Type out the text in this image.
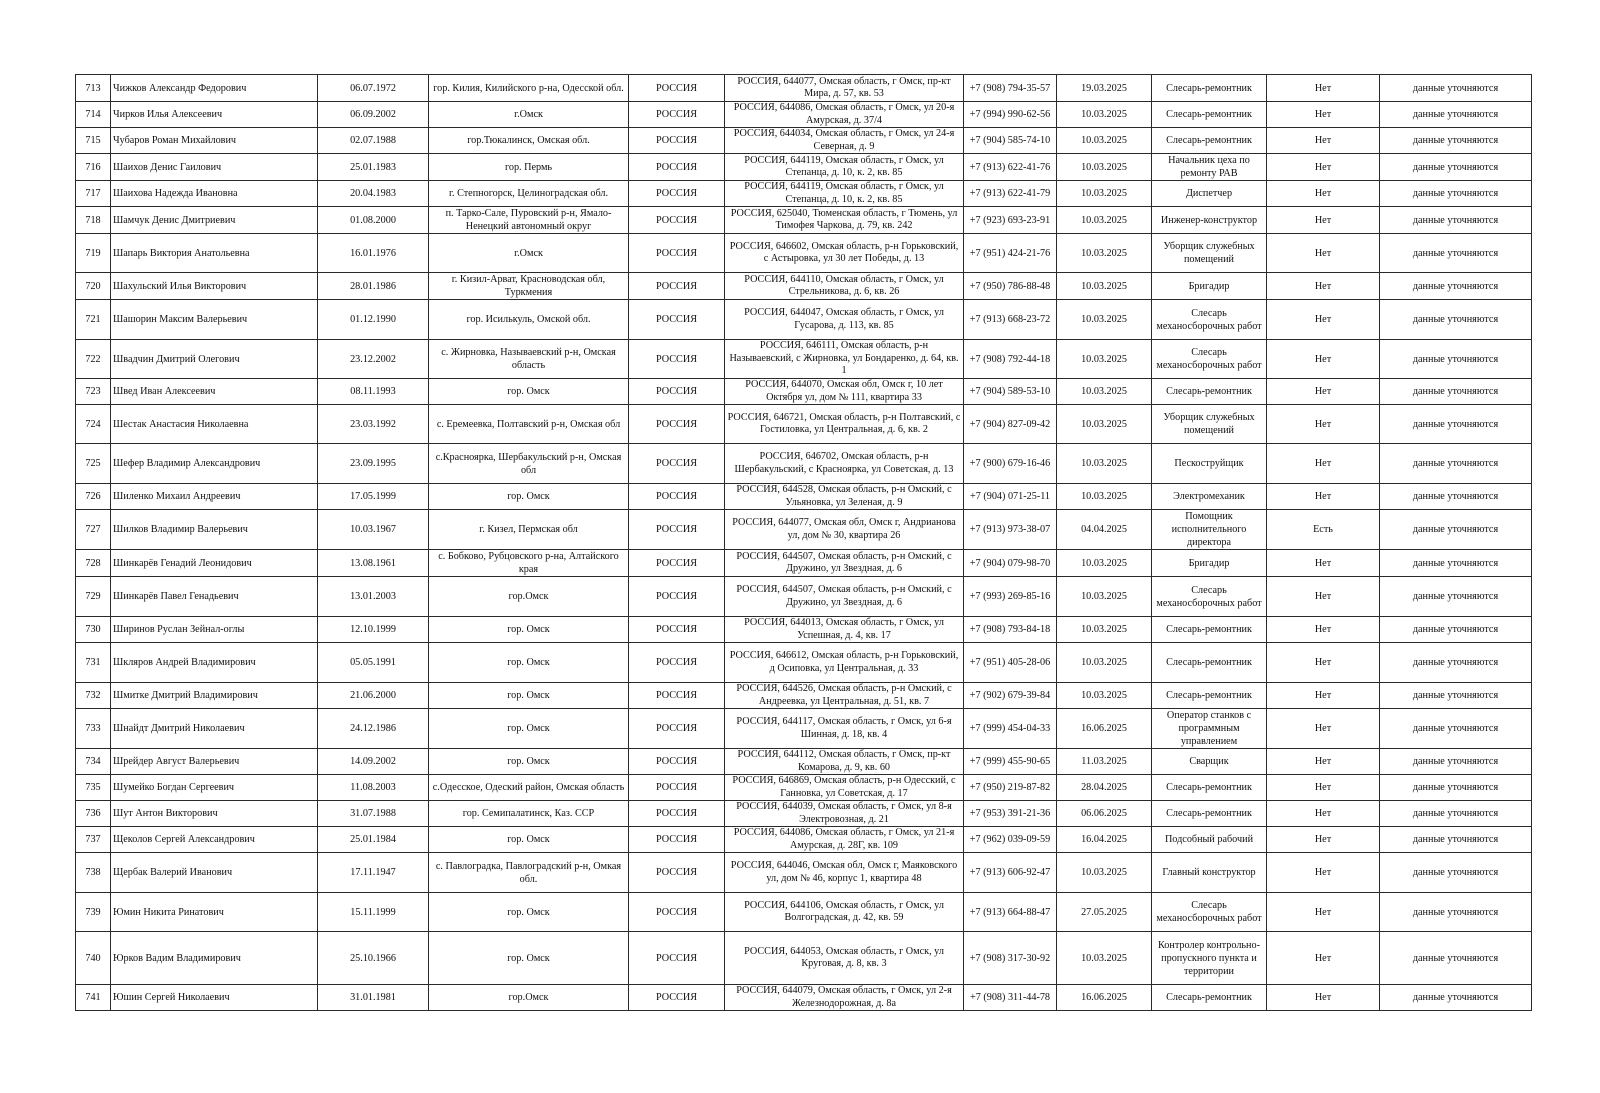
713	Чижков Александр Федорович	06.07.1972	гор. Килия, Килийского р-на, Одесской обл.	РОССИЯ	РОССИЯ, 644077, Омская область, г Омск, пр-кт Мира, д. 57, кв. 53	+7 (908) 794-35-57	19.03.2025	Слесарь-ремонтник	Нет	данные уточняются
714	Чирков Илья Алексеевич	06.09.2002	г.Омск	РОССИЯ	РОССИЯ, 644086, Омская область, г Омск, ул 20-я Амурская, д. 37/4	+7 (994) 990-62-56	10.03.2025	Слесарь-ремонтник	Нет	данные уточняются
715	Чубаров Роман Михайлович	02.07.1988	гор.Тюкалинск, Омская обл.	РОССИЯ	РОССИЯ, 644034, Омская область, г Омск, ул 24-я Северная, д. 9	+7 (904) 585-74-10	10.03.2025	Слесарь-ремонтник	Нет	данные уточняются
716	Шаихов Денис Гаилович	25.01.1983	гор. Пермь	РОССИЯ	РОССИЯ, 644119, Омская область, г Омск, ул Степанца, д. 10, к. 2, кв. 85	+7 (913) 622-41-76	10.03.2025	Начальник цеха по ремонту РАВ	Нет	данные уточняются
717	Шаихова Надежда Ивановна	20.04.1983	г. Степногорск, Целиноградская обл.	РОССИЯ	РОССИЯ, 644119, Омская область, г Омск, ул Степанца, д. 10, к. 2, кв. 85	+7 (913) 622-41-79	10.03.2025	Диспетчер	Нет	данные уточняются
718	Шамчук Денис Дмитриевич	01.08.2000	п. Тарко-Сале, Пуровский р-н, Ямало-Ненецкий автономный округ	РОССИЯ	РОССИЯ, 625040, Тюменская область, г Тюмень, ул Тимофея Чаркова, д. 79, кв. 242	+7 (923) 693-23-91	10.03.2025	Инженер-конструктор	Нет	данные уточняются
719	Шапарь Виктория Анатольевна	16.01.1976	г.Омск	РОССИЯ	РОССИЯ, 646602, Омская область, р-н Горьковский, с Астыровка, ул 30 лет Победы, д. 13	+7 (951) 424-21-76	10.03.2025	Уборщик служебных помещений	Нет	данные уточняются
720	Шахульский Илья Викторович	28.01.1986	г. Кизил-Арват, Красноводская обл, Туркмения	РОССИЯ	РОССИЯ, 644110, Омская область, г Омск, ул Стрельникова, д. 6, кв. 26	+7 (950) 786-88-48	10.03.2025	Бригадир	Нет	данные уточняются
721	Шашорин Максим Валерьевич	01.12.1990	гор. Исилькуль, Омской обл.	РОССИЯ	РОССИЯ, 644047, Омская область, г Омск, ул Гусарова, д. 113, кв. 85	+7 (913) 668-23-72	10.03.2025	Слесарь механосборочных работ	Нет	данные уточняются
722	Швадчин Дмитрий Олегович	23.12.2002	с. Жирновка, Называевский р-н, Омская область	РОССИЯ	РОССИЯ, 646111, Омская область, р-н Называевский, с Жирновка, ул Бондаренко, д. 64, кв. 1	+7 (908) 792-44-18	10.03.2025	Слесарь механосборочных работ	Нет	данные уточняются
723	Швед Иван Алексеевич	08.11.1993	гор. Омск	РОССИЯ	РОССИЯ, 644070, Омская обл, Омск г, 10 лет Октября ул, дом № 111, квартира 33	+7 (904) 589-53-10	10.03.2025	Слесарь-ремонтник	Нет	данные уточняются
724	Шестак Анастасия Николаевна	23.03.1992	с. Еремеевка, Полтавский р-н, Омская обл	РОССИЯ	РОССИЯ, 646721, Омская область, р-н Полтавский, с Гостиловка, ул Центральная, д. 6, кв. 2	+7 (904) 827-09-42	10.03.2025	Уборщик служебных помещений	Нет	данные уточняются
725	Шефер Владимир Александрович	23.09.1995	с.Красноярка, Шербакульский р-н, Омская обл	РОССИЯ	РОССИЯ, 646702, Омская область, р-н Шербакульский, с Красноярка, ул Советская, д. 13	+7 (900) 679-16-46	10.03.2025	Пескоструйщик	Нет	данные уточняются
726	Шиленко Михаил Андреевич	17.05.1999	гор. Омск	РОССИЯ	РОССИЯ, 644528, Омская область, р-н Омский, с Ульяновка, ул Зеленая, д. 9	+7 (904) 071-25-11	10.03.2025	Электромеханик	Нет	данные уточняются
727	Шилков Владимир Валерьевич	10.03.1967	г. Кизел, Пермская обл	РОССИЯ	РОССИЯ, 644077, Омская обл, Омск г, Андрианова ул, дом № 30, квартира 26	+7 (913) 973-38-07	04.04.2025	Помощник исполнительного директора	Есть	данные уточняются
728	Шинкарёв Генадий Леонидович	13.08.1961	с. Бобково, Рубцовского р-на, Алтайского края	РОССИЯ	РОССИЯ, 644507, Омская область, р-н Омский, с Дружино, ул Звездная, д. 6	+7 (904) 079-98-70	10.03.2025	Бригадир	Нет	данные уточняются
729	Шинкарёв Павел Генадьевич	13.01.2003	гор.Омск	РОССИЯ	РОССИЯ, 644507, Омская область, р-н Омский, с Дружино, ул Звездная, д. 6	+7 (993) 269-85-16	10.03.2025	Слесарь механосборочных работ	Нет	данные уточняются
730	Ширинов Руслан Зейнал-оглы	12.10.1999	гор. Омск	РОССИЯ	РОССИЯ, 644013, Омская область, г Омск, ул Успешная, д. 4, кв. 17	+7 (908) 793-84-18	10.03.2025	Слесарь-ремонтник	Нет	данные уточняются
731	Шкляров Андрей Владимирович	05.05.1991	гор. Омск	РОССИЯ	РОССИЯ, 646612, Омская область, р-н Горьковский, д Осиповка, ул Центральная, д. 33	+7 (951) 405-28-06	10.03.2025	Слесарь-ремонтник	Нет	данные уточняются
732	Шмитке Дмитрий Владимирович	21.06.2000	гор. Омск	РОССИЯ	РОССИЯ, 644526, Омская область, р-н Омский, с Андреевка, ул Центральная, д. 51, кв. 7	+7 (902) 679-39-84	10.03.2025	Слесарь-ремонтник	Нет	данные уточняются
733	Шнайдт Дмитрий Николаевич	24.12.1986	гор. Омск	РОССИЯ	РОССИЯ, 644117, Омская область, г Омск, ул 6-я Шинная, д. 18, кв. 4	+7 (999) 454-04-33	16.06.2025	Оператор станков с программным управлением	Нет	данные уточняются
734	Шрейдер Август Валерьевич	14.09.2002	гор. Омск	РОССИЯ	РОССИЯ, 644112, Омская область, г Омск, пр-кт Комарова, д. 9, кв. 60	+7 (999) 455-90-65	11.03.2025	Сварщик	Нет	данные уточняются
735	Шумейко Богдан Сергеевич	11.08.2003	с.Одесское, Одеский район, Омская область	РОССИЯ	РОССИЯ, 646869, Омская область, р-н Одесский, с Ганновка, ул Советская, д. 17	+7 (950) 219-87-82	28.04.2025	Слесарь-ремонтник	Нет	данные уточняются
736	Шут Антон Викторович	31.07.1988	гор. Семипалатинск, Каз. ССР	РОССИЯ	РОССИЯ, 644039, Омская область, г Омск, ул 8-я Электровозная, д. 21	+7 (953) 391-21-36	06.06.2025	Слесарь-ремонтник	Нет	данные уточняются
737	Щеколов Сергей Александрович	25.01.1984	гор. Омск	РОССИЯ	РОССИЯ, 644086, Омская область, г Омск, ул 21-я Амурская, д. 28Г, кв. 109	+7 (962) 039-09-59	16.04.2025	Подсобный рабочий	Нет	данные уточняются
738	Щербак Валерий Иванович	17.11.1947	с. Павлоградка, Павлоградский р-н, Омкая обл.	РОССИЯ	РОССИЯ, 644046, Омская обл, Омск г, Маяковского ул, дом № 46, корпус 1, квартира 48	+7 (913) 606-92-47	10.03.2025	Главный конструктор	Нет	данные уточняются
739	Юмин Никита Ринатович	15.11.1999	гор. Омск	РОССИЯ	РОССИЯ, 644106, Омская область, г Омск, ул Волгоградская, д. 42, кв. 59	+7 (913) 664-88-47	27.05.2025	Слесарь механосборочных работ	Нет	данные уточняются
740	Юрков Вадим Владимирович	25.10.1966	гор. Омск	РОССИЯ	РОССИЯ, 644053, Омская область, г Омск, ул Круговая, д. 8, кв. 3	+7 (908) 317-30-92	10.03.2025	Контролер контрольно-пропускного пункта и территории	Нет	данные уточняются
741	Юшин Сергей Николаевич	31.01.1981	гор.Омск	РОССИЯ	РОССИЯ, 644079, Омская область, г Омск, ул 2-я Железнодорожная, д. 8а	+7 (908) 311-44-78	16.06.2025	Слесарь-ремонтник	Нет	данные уточняются
